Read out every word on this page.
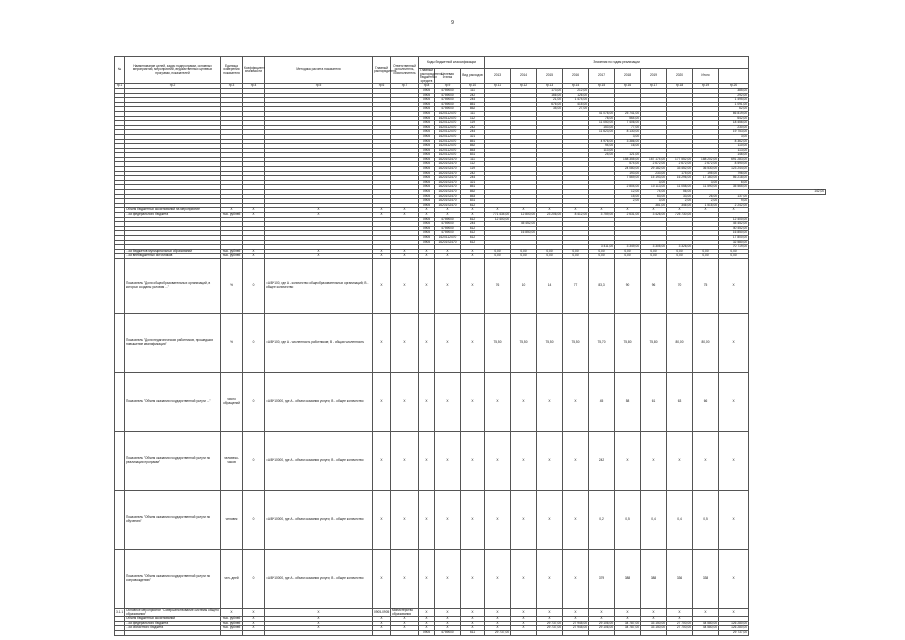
9
№	Наименование целей, задач подпрограмм, основных мероприятий, мероприятий, ведомственных целевых программ, показателей	Единица измерения показателя	Коэффициент значимости	Методика расчета показателя	Главный распорядитель	Ответственный исполнитель, соисполнитель	Коды бюджетной классификации			Значения по годам реализации										
							Главный распорядитель бюджетных средств	Целевая статья	Вид расходов	2013	2014	2015	2016	2017	2018	2019	2020	Итого		
гр.1	гр.2	гр.3	гр.4	гр.5	гр.6	гр.7	гр.8	гр.9	гр.10	гр.11	гр.12	гр.13	гр.14	гр.15	гр.16	гр.17	гр.18	гр.19	гр.20	
							0905	4759000	111			173,00	212,00						385,00	
							0905	4759000	242			166,00	126,00						292,00	
							0905	4759000	244			21,00	1 474,00						1 495,00	
							0905	4759000	851			676,00	415,00						1 091,00	
							0905	4759000	852			35,00	27,00						62,00	
							0905	1620112470	111					41 078,00	25 741,00				66 819,00	
							0905	1620112470	112					78,00	564,00				642,00	
							0905	1620112470	119					11 050,00	7 406,00				18 456,00	
							0905	1620112470	242					153,00	77,00				230,00	
							0905	1620112470	244					11 623,00	8 130,00				19 753,00	
							0905	1620112470	321						3,00				3,00	
							0905	1620112470	851					4 976,00	3 386,00				8 362,00	
							0905	1620112470	852					94,00	16,00				110,00	
							0905	1620112470	853					113,00					113,00	
							0905	1620112470	831					25,00	121,00				146,00	
							0905	16201S2470	111						158 355,00	167 174,00	177 552,00	188 202,00	691 283,00	
							0905	16201S2470	112						574,00	2 672,00	2 672,00	2 672,00	8 590,00	
							0905	16201S2470	119						24 080,00	29 182,00	33 452,00	36 530,00	123 244,00	
							0905	16201S2470	242						193,00	233,00	175,00	195,00	796,00	
							0905	16201S2470	244						7 569,00	15 193,00	16 296,00	17 160,00	56 218,00	
							0905	16201S2470	321							3,00		3,00	6,00	
							0905	16201S2470	851						2 804,00	10 113,00	11 058,00	11 590,00	35 565,00	
							0905	16201S2470	852						12,00	74,00	56,00			142,00
							0905	16201S2470	853						15,00	63,00	33,00	26,00	137,00	
							0905	16201S2470	831						2,00	3,00	2,00	2,00	9,00	
							0905	16201S2470	612							381,00	346,00	1 515,00	2 242,00	
	Объем бюджетных ассигнований на мероприятие	X	X	X	X	X	X	X	X	X	X	X	X	X	X	X	X	X	X	
	...из федерального бюджета	тыс. рублей	X	X	X	X	X	X	X	771 434,00	12 800,00	23 206,00	8 412,00	3 759,00	2 631,00	3 426,00	725 730,00			
							0905	4759000	612	12 400,00									12 400,00	
							0905	4759000	244		45 452,00								45 452,00	
							0905	4759000	612										40 452,00	
							0905	4759000	612		16 850,00								16 850,00	
							0905	1620112470	612										17 800,00	
							0905	16201S2470	612										32 580,00	
														3 411,00	3 349,00	3 305,00	3 326,00		70 719,00	
	...из бюджетов муниципальных образований	тыс. рублей	X	X	X	X	X	X	X	0,00	0,00	0,00	0,00	0,00	0,00	0,00	0,00	0,00	0,00	
	...из внебюджетных источников	тыс. рублей	X	X	X	X	X	X	X	0,00	0,00	0,00	0,00	0,00	0,00	0,00	0,00	0,00	0,00	
	Показатель "Доля общеобразовательных организаций, в которых созданы условия ..."	%	0	=A/B*100, где A - количество общеобразовательных организаций; B - общее количество	X	X	X	X	X	76	10	14	77	83,3	90	96	70	75	X	
	Показатель "Доля педагогических работников, прошедших повышение квалификации"	%	0	=A/B*100, где A - численность работников; B - общая численность	X	X	X	X	X	75,50	75,50	75,50	75,50	75,70	75,80	75,80	80,00	80,00	X	
	Показатель "Объем оказания государственной услуги ..."	число обращений	0	=A/B*10000, где A - объем оказания услуги; B - общее количество	X	X	X	X	X	X	X	X	X	45	58	61	63	66	X	
	Показатель "Объем оказания государственной услуги по реализации программ"	человеко-часов	0	=A/B*10000, где A - объем оказания услуги; B - общее количество	X	X	X	X	X	X	X	X	X	242	X	X	X	X	X	
	Показатель "Объем оказания государственной услуги по обучению"	человек	0	=A/B*10000, где A - объем оказания услуги; B - общее количество	X	X	X	X	X	X	X	X	X	0,2	0,5	0,4	0,4	0,5	X	
	Показатель "Объем оказания государственной услуги по сопровождению"	чел.-дней	0	=A/B*10000, где A - объем оказания услуги; B - общее количество	X	X	X	X	X	X	X	X	X	379	388	388	336	338	X	
3.1.1	Основное мероприятие "Совершенствование системы общего образования"	X	X	X	0905-0905	Министерство образования	X	X	X	X	X	X	X	X	X	X	X	X	X	
	Объем бюджетных ассигнований	тыс. рублей	X	X	X	X	X	X	X	X	X	X	X	X	X	X	X			
	...из федерального бюджета	тыс. рублей	X	X	X	X	X	X	X	X	X	29 737,00	27 945,00	29 106,00	34 787,00	33 150,00	27 700,00	44 580,00	126 280,00	
	...из областного бюджета	тыс. рублей	X	X	X	X	X	X	X	X	X	29 737,00	27 945,00	29 106,00	34 787,00	33 150,00	27 700,00	44 580,00	126 280,00	
							0905	4759000	611	29 737,00									29 737,00	
